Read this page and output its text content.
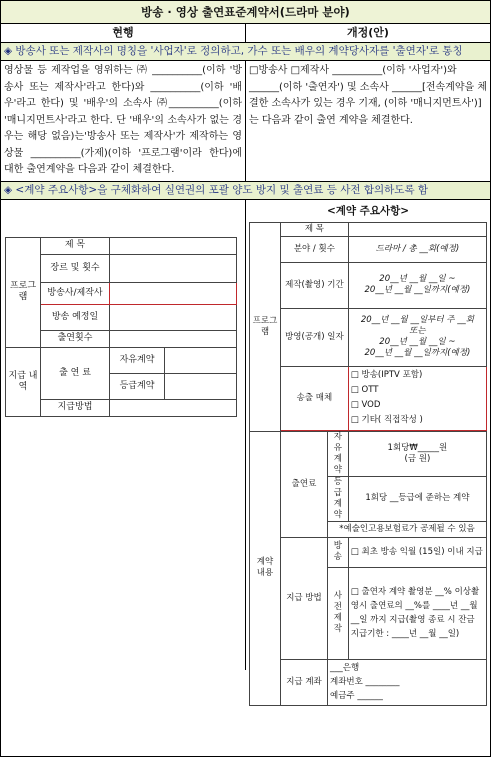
방송 · 영상 출연표준계약서(드라마 분야)
현행	개정(안)
◈ 방송사 또는 제작사의 명칭을 '사업자'로 정의하고, 가수 또는 배우의 계약당사자를 '출연자'로 통칭
영상물 등 제작업을 영위하는 ㈜ __________(이하 '방송사 또는 제작사'라고 한다)와 __________(이하 '배우'라고 한다) 및 '배우'의 소속사 ㈜__________(이하 '매니지먼트사'라고 한다. 단 '배우'의 소속사가 없는 경우는 해당 없음)는'방송사 또는 제작사'가 제작하는 영상물 __________(가제)(이하 '프로그램'이라 한다)에 대한 출연계약을 다음과 같이 체결한다.
□방송사 □제작사 __________(이하 '사업자')와 ______(이하 '출연자') 및 소속사 ______[전속계약을 체결한 소속사가 있는 경우 기재, (이하 '매니지먼트사')]는 다음과 같이 출연 계약을 체결한다.
◈ <계약 주요사항>을 구체화하여 실연권의 포괄 양도 방지 및 출연료 등 사전 합의하도록 함
프로그램	제 목		
	장르 및 횟수		
	방송사/제작사		
	방송 예정일		
	출연횟수		
지급 내역	출 연 료	자유계약	
		등급계약	
	지급방법		
<계약 주요사항>
프로그램	제 목		
	분야 / 횟수		드라마 / 총 __회(예정)
	제작(촬영) 기간		20__년 __월 __일 ~
20__년 __월 __일까지(예정)
	방영(공개) 일자		20__년 __월 __일부터 주 __회
또는
20__년 __월 __일 ~
20__년 __월 __일까지(예정)
	송출 매체		□ 방송(IPTV 포함)
□ OTT
□ VOD
□ 기타( 직접작성 )

계약 내용	출연료	자유계약	1회당₩_____원
(금 원)
		등급계약	1회당 __등급에 준하는 계약
		*예술인고용보험료가 공제될 수 있음	
	지급 방법	방송	□ 최초 방송 익월 (15일) 이내 지급
		사전 제작	□ 출연자 계약 촬영분 __% 이상촬영시 출연료의 __%를 ____년 __월 __일 까지 지급(촬영 종료 시 잔금 지급기한 : ____년 __월 __일)
	지급 계좌	___은행
계좌번호 ________
예금주 ______	
